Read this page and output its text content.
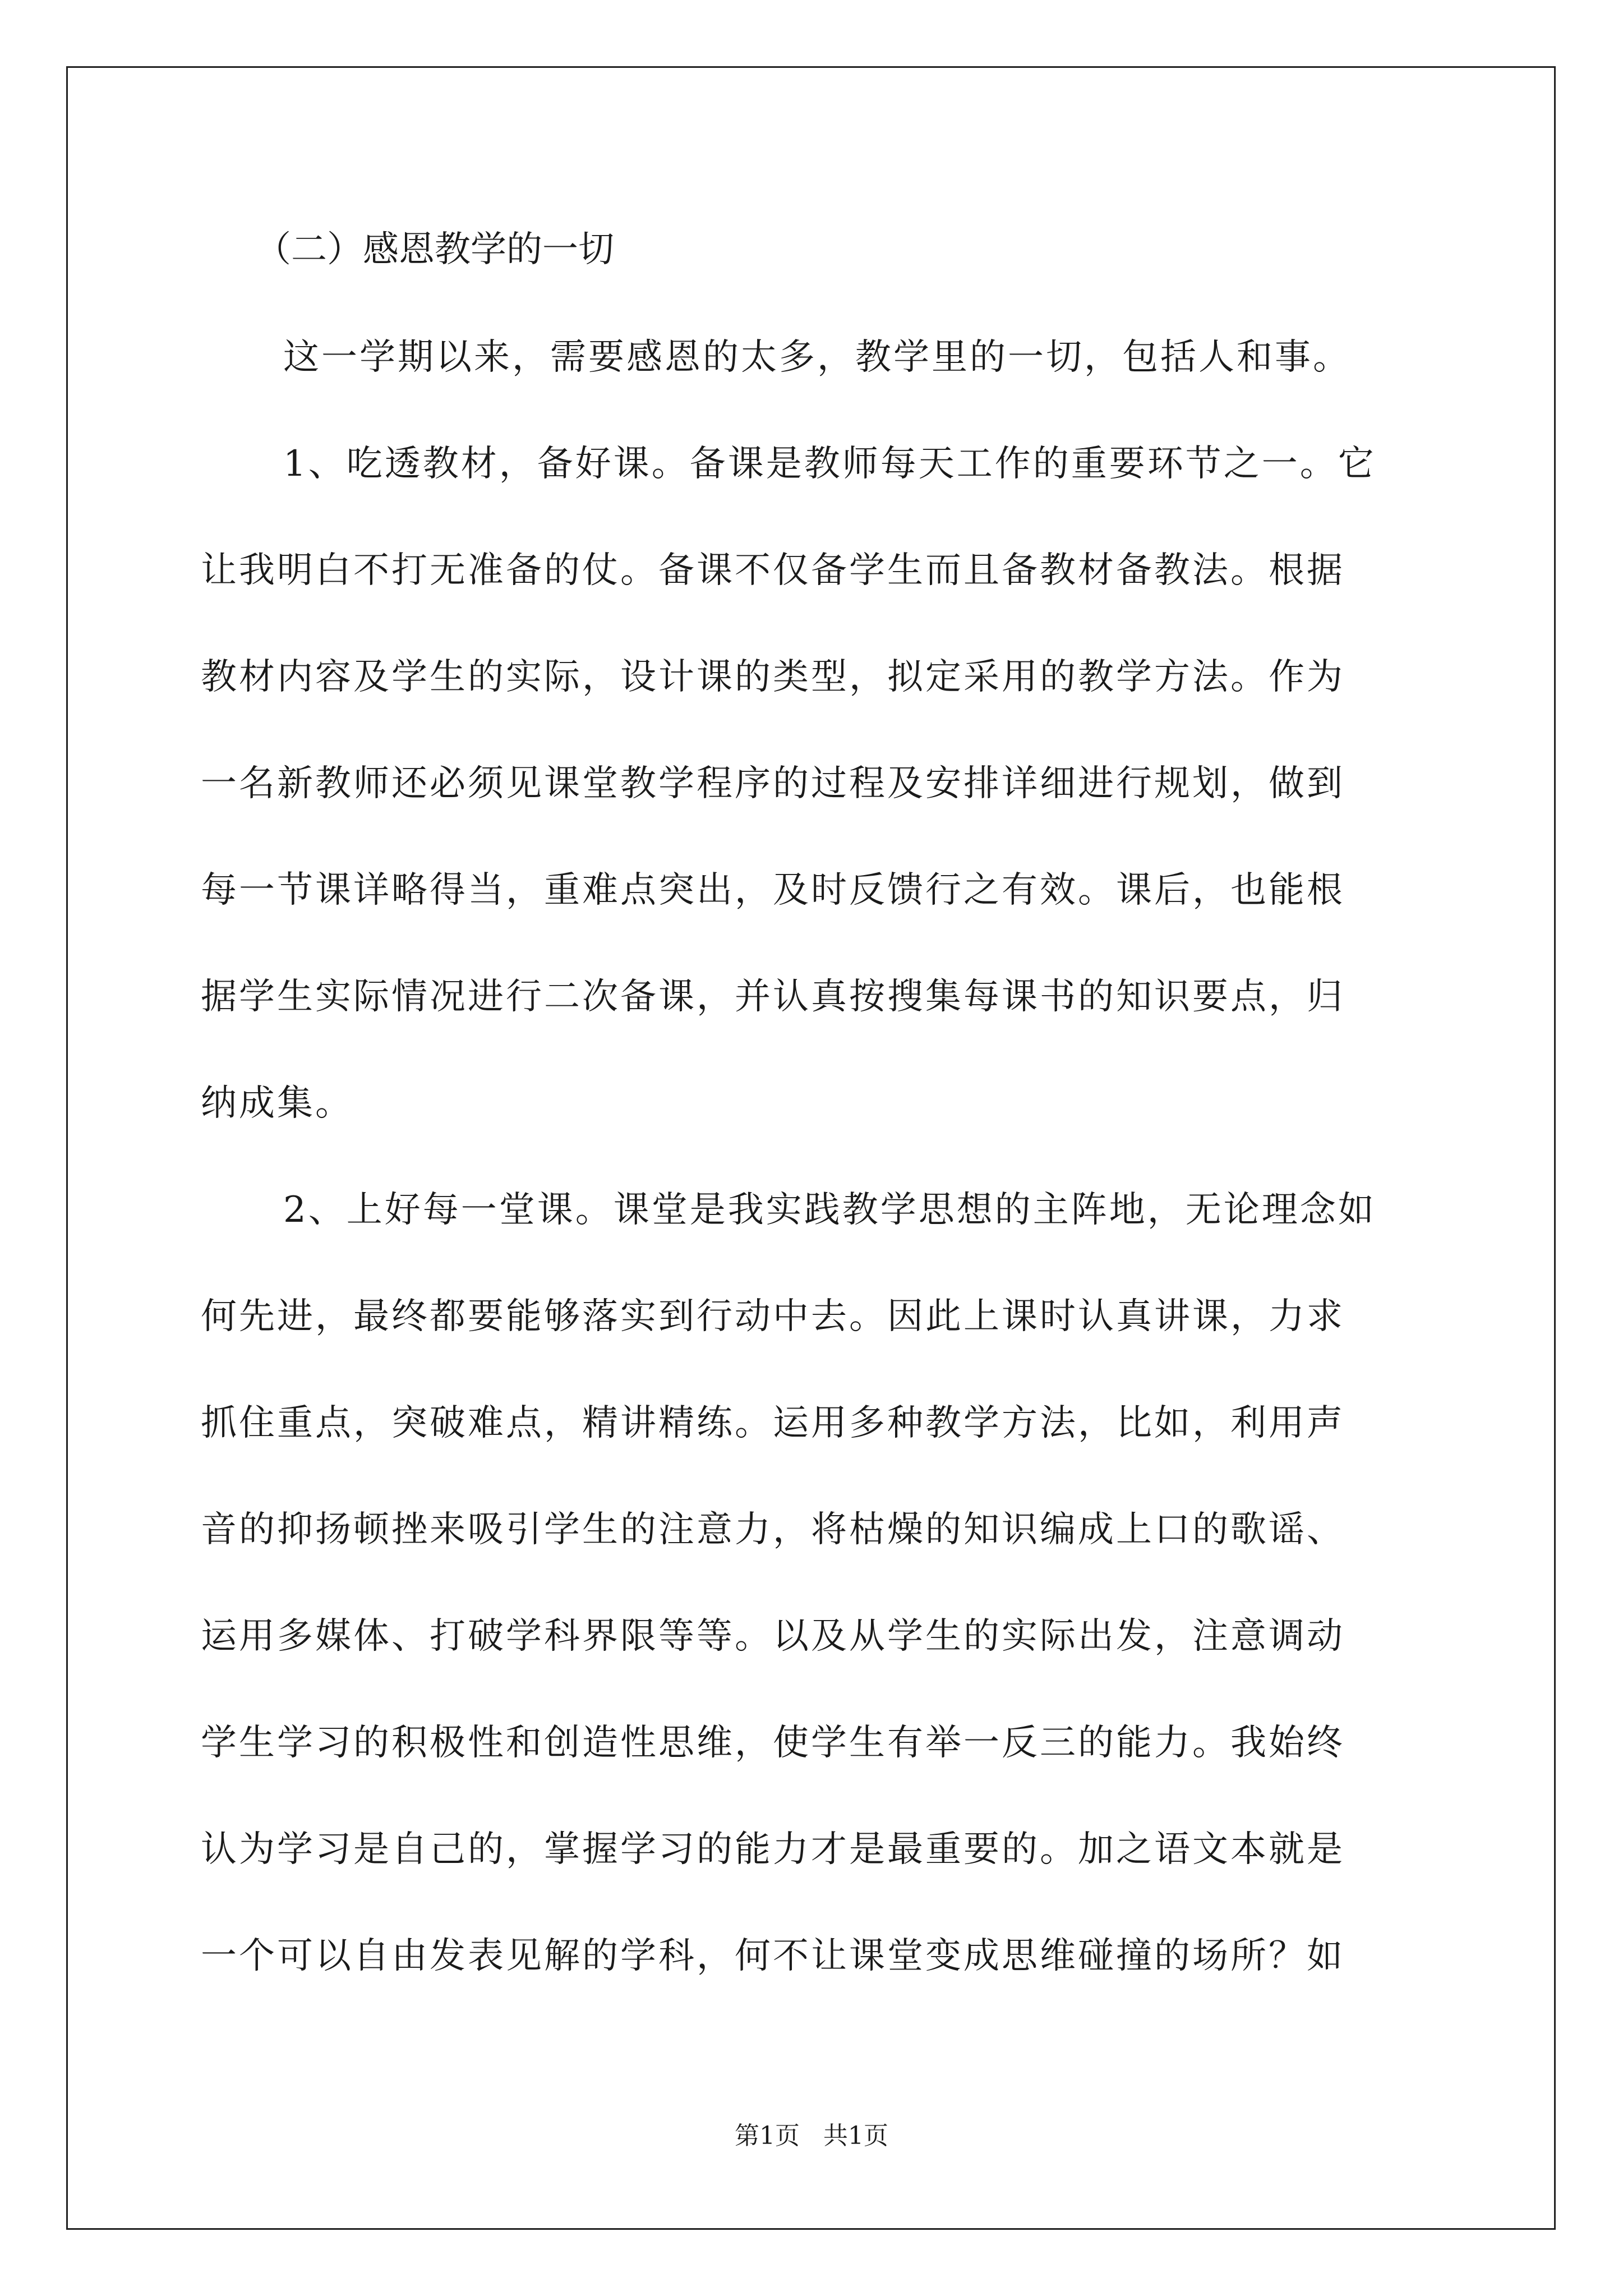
（二）感恩教学的一切
这一学期以来，需要感恩的太多，教学里的一切，包括人和事。
1、吃透教材，备好课。备课是教师每天工作的重要环节之一。它
让我明白不打无准备的仗。备课不仅备学生而且备教材备教法。根据
教材内容及学生的实际，设计课的类型，拟定采用的教学方法。作为
一名新教师还必须见课堂教学程序的过程及安排详细进行规划，做到
每一节课详略得当，重难点突出，及时反馈行之有效。课后，也能根
据学生实际情况进行二次备课，并认真按搜集每课书的知识要点，归
纳成集。
2、上好每一堂课。课堂是我实践教学思想的主阵地，无论理念如
何先进，最终都要能够落实到行动中去。因此上课时认真讲课，力求
抓住重点，突破难点，精讲精练。运用多种教学方法，比如，利用声
音的抑扬顿挫来吸引学生的注意力，将枯燥的知识编成上口的歌谣、
运用多媒体、打破学科界限等等。以及从学生的实际出发，注意调动
学生学习的积极性和创造性思维，使学生有举一反三的能力。我始终
认为学习是自己的，掌握学习的能力才是最重要的。加之语文本就是
一个可以自由发表见解的学科，何不让课堂变成思维碰撞的场所？如
第1页 共1页
